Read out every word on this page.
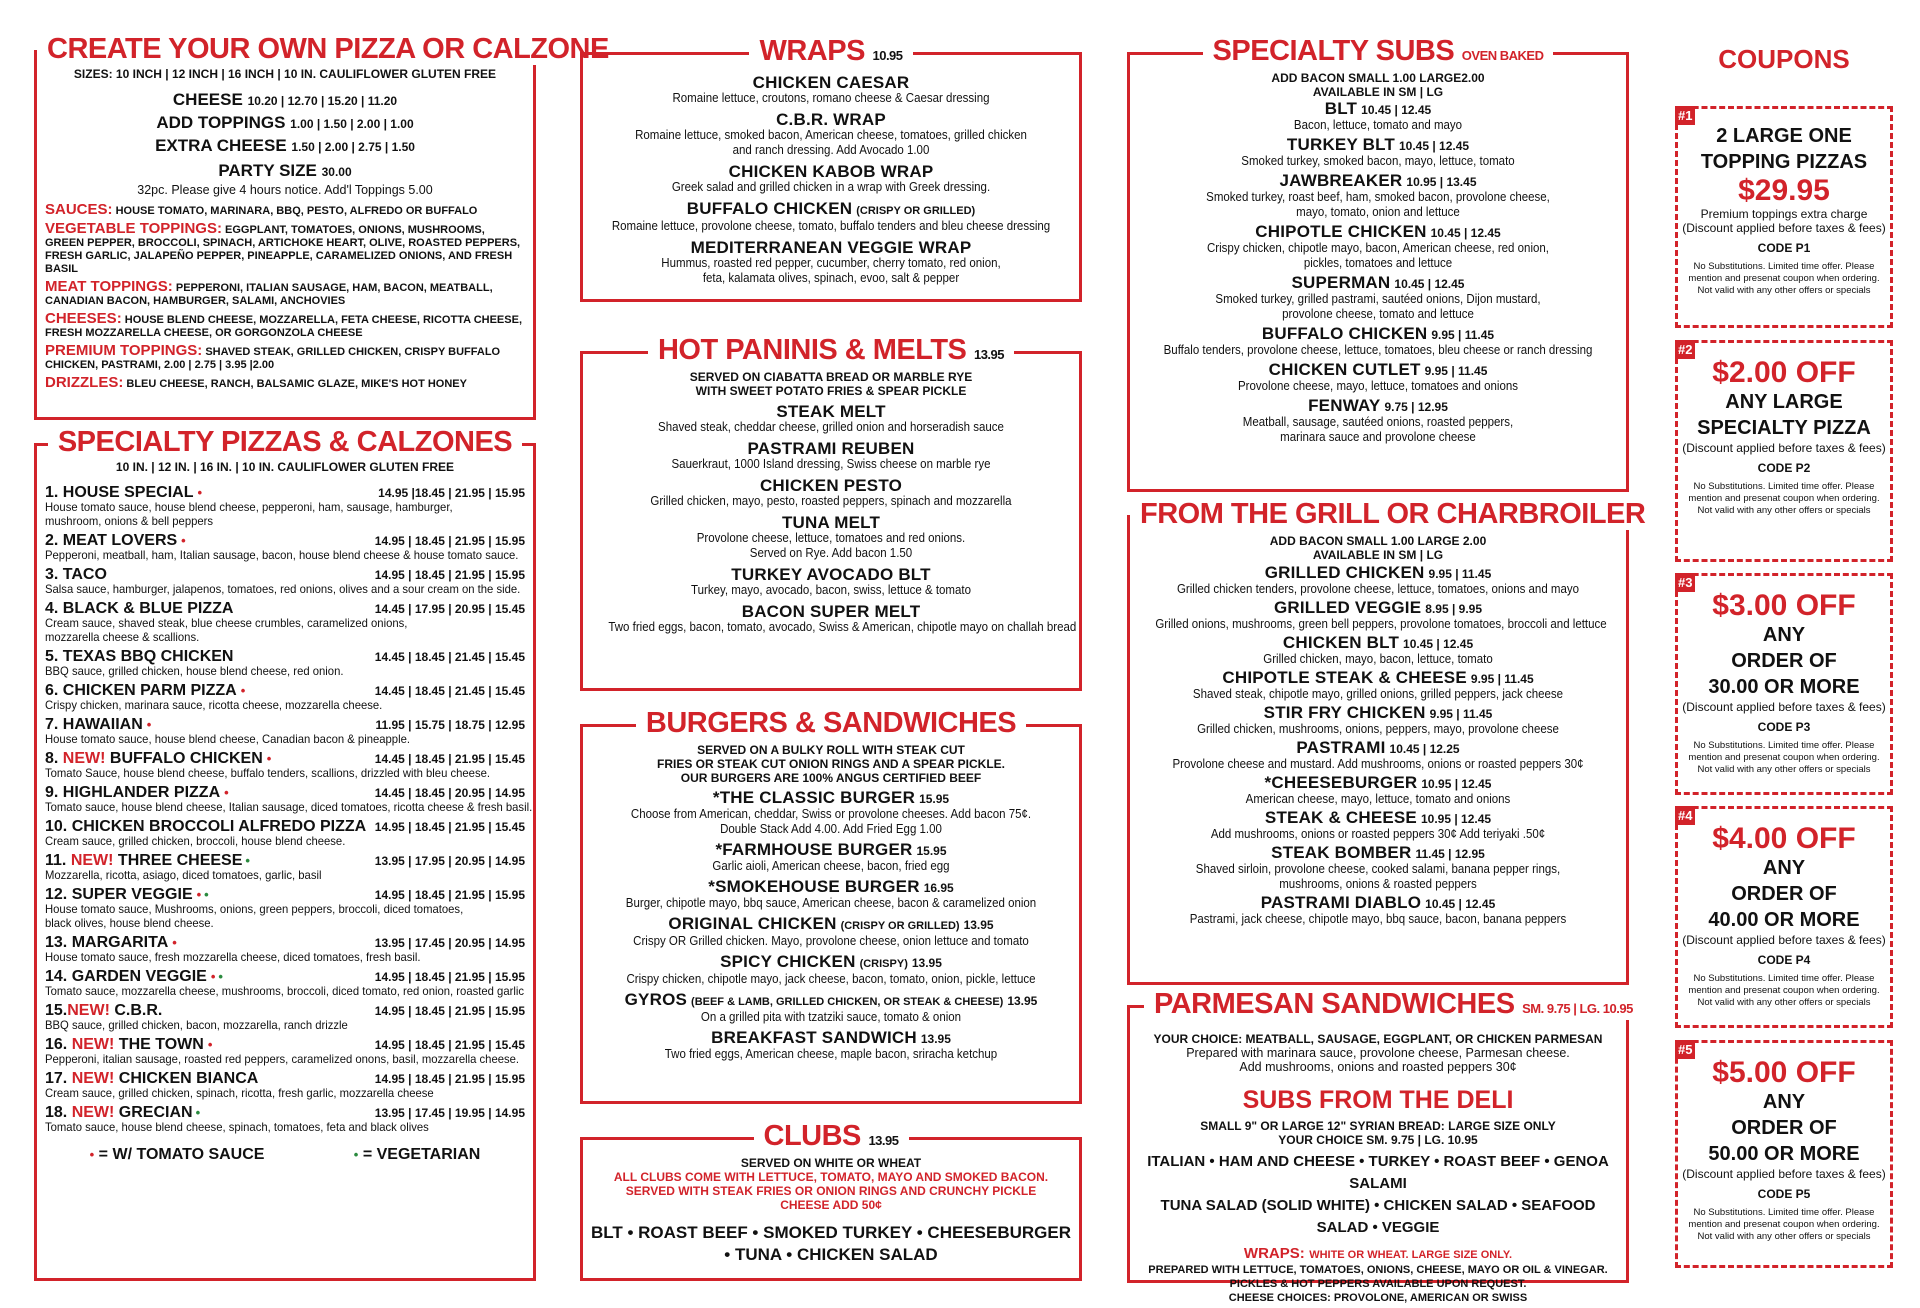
CREATE YOUR OWN PIZZA OR CALZONE
SIZES: 10 INCH | 12 INCH | 16 INCH | 10 IN. CAULIFLOWER GLUTEN FREE
CHEESE 10.20 | 12.70 | 15.20 | 11.20
ADD TOPPINGS 1.00 | 1.50 | 2.00 | 1.00
EXTRA CHEESE 1.50 | 2.00 | 2.75 | 1.50
PARTY SIZE 30.00
32pc. Please give 4 hours notice. Add'l Toppings 5.00
SAUCES: HOUSE TOMATO, MARINARA, BBQ, PESTO, ALFREDO OR BUFFALO
VEGETABLE TOPPINGS: EGGPLANT, TOMATOES, ONIONS, MUSHROOMS, GREEN PEPPER, BROCCOLI, SPINACH, ARTICHOKE HEART, OLIVE, ROASTED PEPPERS, FRESH GARLIC, JALAPEÑO PEPPER, PINEAPPLE, CARAMELIZED ONIONS, AND FRESH BASIL
MEAT TOPPINGS: PEPPERONI, ITALIAN SAUSAGE, HAM, BACON, MEATBALL, CANADIAN BACON, HAMBURGER, SALAMI, ANCHOVIES
CHEESES: HOUSE BLEND CHEESE, MOZZARELLA, FETA CHEESE, RICOTTA CHEESE, FRESH MOZZARELLA CHEESE, OR GORGONZOLA CHEESE
PREMIUM TOPPINGS: SHAVED STEAK, GRILLED CHICKEN, CRISPY BUFFALO CHICKEN, PASTRAMI, 2.00 | 2.75 | 3.95 |2.00
DRIZZLES: BLEU CHEESE, RANCH, BALSAMIC GLAZE, MIKE'S HOT HONEY
SPECIALTY PIZZAS & CALZONES
10 IN. | 12 IN. | 16 IN. | 10 IN. CAULIFLOWER GLUTEN FREE
1. HOUSE SPECIAL •	14.95 |18.45 | 21.95 | 15.95
House tomato sauce, house blend cheese, pepperoni, ham, sausage, hamburger,
mushroom, onions & bell peppers
2. MEAT LOVERS •	14.95 | 18.45 | 21.95 | 15.95
Pepperoni, meatball, ham, Italian sausage, bacon, house blend cheese & house tomato sauce.
3. TACO	14.95 | 18.45 | 21.95 | 15.95
Salsa sauce, hamburger, jalapenos, tomatoes, red onions, olives and a sour cream on the side.
4. BLACK & BLUE PIZZA	14.45 | 17.95 | 20.95 | 15.45
Cream sauce, shaved steak, blue cheese crumbles, caramelized onions,
mozzarella cheese & scallions.
5. TEXAS BBQ CHICKEN	14.45 | 18.45 | 21.45 | 15.45
BBQ sauce, grilled chicken, house blend cheese, red onion.
6. CHICKEN PARM PIZZA •	14.45 | 18.45 | 21.45 | 15.45
Crispy chicken, marinara sauce, ricotta cheese, mozzarella cheese.
7. HAWAIIAN •	11.95 | 15.75 | 18.75 | 12.95
House tomato sauce, house blend cheese, Canadian bacon & pineapple.
8. NEW! BUFFALO CHICKEN •	14.45 | 18.45 | 21.95 | 15.45
Tomato Sauce, house blend cheese, buffalo tenders, scallions, drizzled with bleu cheese.
9. HIGHLANDER PIZZA •	14.45 | 18.45 | 20.95 | 14.95
Tomato sauce, house blend cheese, Italian sausage, diced tomatoes, ricotta cheese & fresh basil.
10. CHICKEN BROCCOLI ALFREDO PIZZA 14.95 | 18.45 | 21.95 | 15.45
Cream sauce, grilled chicken, broccoli, house blend cheese.
11. NEW! THREE CHEESE •	13.95 | 17.95 | 20.95 | 14.95
Mozzarella, ricotta, asiago, diced tomatoes, garlic, basil
12. SUPER VEGGIE • •	14.95 | 18.45 | 21.95 | 15.95
House tomato sauce, Mushrooms, onions, green peppers, broccoli, diced tomatoes,
black olives, house blend cheese.
13. MARGARITA •	13.95 | 17.45 | 20.95 | 14.95
House tomato sauce, fresh mozzarella cheese, diced tomatoes, fresh basil.
14. GARDEN VEGGIE • •	14.95 | 18.45 | 21.95 | 15.95
Tomato sauce, mozzarella cheese, mushrooms, broccoli, diced tomato, red onion, roasted garlic
15.NEW! C.B.R.	14.95 | 18.45 | 21.95 | 15.95
BBQ sauce, grilled chicken, bacon, mozzarella, ranch drizzle
16. NEW! THE TOWN •	14.95 | 18.45 | 21.95 | 15.45
Pepperoni, italian sausage, roasted red peppers, caramelized onons, basil, mozzarella cheese.
17. NEW! CHICKEN BIANCA	14.95 | 18.45 | 21.95 | 15.95
Cream sauce, grilled chicken, spinach, ricotta, fresh garlic, mozzarella cheese
18. NEW! GRECIAN •	13.95 | 17.45 | 19.95 | 14.95
Tomato sauce, house blend cheese, spinach, tomatoes, feta and black olives
• = W/ TOMATO SAUCE	• = VEGETARIAN
WRAPS 10.95
CHICKEN CAESAR
Romaine lettuce, croutons, romano cheese & Caesar dressing
C.B.R. WRAP
Romaine lettuce, smoked bacon, American cheese, tomatoes, grilled chicken
and ranch dressing. Add Avocado 1.00
CHICKEN KABOB WRAP
Greek salad and grilled chicken in a wrap with Greek dressing.
BUFFALO CHICKEN (CRISPY OR GRILLED)
Romaine lettuce, provolone cheese, tomato, buffalo tenders and bleu cheese dressing
MEDITERRANEAN VEGGIE WRAP
Hummus, roasted red pepper, cucumber, cherry tomato, red onion,
feta, kalamata olives, spinach, evoo, salt & pepper
HOT PANINIS & MELTS 13.95
SERVED ON CIABATTA BREAD OR MARBLE RYE
WITH SWEET POTATO FRIES & SPEAR PICKLE
STEAK MELT
Shaved steak, cheddar cheese, grilled onion and horseradish sauce
PASTRAMI REUBEN
Sauerkraut, 1000 Island dressing, Swiss cheese on marble rye
CHICKEN PESTO
Grilled chicken, mayo, pesto, roasted peppers, spinach and mozzarella
TUNA MELT
Provolone cheese, lettuce, tomatoes and red onions.
Served on Rye. Add bacon 1.50
TURKEY AVOCADO BLT
Turkey, mayo, avocado, bacon, swiss, lettuce & tomato
BACON SUPER MELT
Two fried eggs, bacon, tomato, avocado, Swiss & American, chipotle mayo on challah bread
BURGERS & SANDWICHES
SERVED ON A BULKY ROLL WITH STEAK CUT
FRIES OR STEAK CUT ONION RINGS AND A SPEAR PICKLE.
OUR BURGERS ARE 100% ANGUS CERTIFIED BEEF
*THE CLASSIC BURGER 15.95
Choose from American, cheddar, Swiss or provolone cheeses. Add bacon 75¢.
Double Stack Add 4.00. Add Fried Egg 1.00
*FARMHOUSE BURGER 15.95
Garlic aioli, American cheese, bacon, fried egg
*SMOKEHOUSE BURGER 16.95
Burger, chipotle mayo, bbq sauce, American cheese, bacon & caramelized onion
ORIGINAL CHICKEN (CRISPY OR GRILLED) 13.95
Crispy OR Grilled chicken. Mayo, provolone cheese, onion lettuce and tomato
SPICY CHICKEN (CRISPY) 13.95
Crispy chicken, chipotle mayo, jack cheese, bacon, tomato, onion, pickle, lettuce
GYROS (BEEF & LAMB, GRILLED CHICKEN, OR STEAK & CHEESE) 13.95
On a grilled pita with tzatziki sauce, tomato & onion
BREAKFAST SANDWICH 13.95
Two fried eggs, American cheese, maple bacon, sriracha ketchup
CLUBS 13.95
SERVED ON WHITE OR WHEAT
ALL CLUBS COME WITH LETTUCE, TOMATO, MAYO AND SMOKED BACON.
SERVED WITH STEAK FRIES OR ONION RINGS AND CRUNCHY PICKLE
CHEESE ADD 50¢
BLT • ROAST BEEF • SMOKED TURKEY • CHEESEBURGER
• TUNA • CHICKEN SALAD
SPECIALTY SUBS OVEN BAKED
ADD BACON SMALL 1.00 LARGE2.00
AVAILABLE IN SM | LG
BLT 10.45 | 12.45
Bacon, lettuce, tomato and mayo
TURKEY BLT 10.45 | 12.45
Smoked turkey, smoked bacon, mayo, lettuce, tomato
JAWBREAKER 10.95 | 13.45
Smoked turkey, roast beef, ham, smoked bacon, provolone cheese,
mayo, tomato, onion and lettuce
CHIPOTLE CHICKEN 10.45 | 12.45
Crispy chicken, chipotle mayo, bacon, American cheese, red onion,
pickles, tomatoes and lettuce
SUPERMAN 10.45 | 12.45
Smoked turkey, grilled pastrami, sautéed onions, Dijon mustard,
provolone cheese, tomato and lettuce
BUFFALO CHICKEN 9.95 | 11.45
Buffalo tenders, provolone cheese, lettuce, tomatoes, bleu cheese or ranch dressing
CHICKEN CUTLET 9.95 | 11.45
Provolone cheese, mayo, lettuce, tomatoes and onions
FENWAY 9.75 | 12.95
Meatball, sausage, sautéed onions, roasted peppers,
marinara sauce and provolone cheese
FROM THE GRILL OR CHARBROILER
ADD BACON SMALL 1.00 LARGE 2.00
AVAILABLE IN SM | LG
GRILLED CHICKEN 9.95 | 11.45
Grilled chicken tenders, provolone cheese, lettuce, tomatoes, onions and mayo
GRILLED VEGGIE 8.95 | 9.95
Grilled onions, mushrooms, green bell peppers, provolone tomatoes, broccoli and lettuce
CHICKEN BLT 10.45 | 12.45
Grilled chicken, mayo, bacon, lettuce, tomato
CHIPOTLE STEAK & CHEESE 9.95 | 11.45
Shaved steak, chipotle mayo, grilled onions, grilled peppers, jack cheese
STIR FRY CHICKEN 9.95 | 11.45
Grilled chicken, mushrooms, onions, peppers, mayo, provolone cheese
PASTRAMI 10.45 | 12.25
Provolone cheese and mustard. Add mushrooms, onions or roasted peppers 30¢
*CHEESEBURGER 10.95 | 12.45
American cheese, mayo, lettuce, tomato and onions
STEAK & CHEESE 10.95 | 12.45
Add mushrooms, onions or roasted peppers 30¢ Add teriyaki .50¢
STEAK BOMBER 11.45 | 12.95
Shaved sirloin, provolone cheese, cooked salami, banana pepper rings,
mushrooms, onions & roasted peppers
PASTRAMI DIABLO 10.45 | 12.45
Pastrami, jack cheese, chipotle mayo, bbq sauce, bacon, banana peppers
PARMESAN SANDWICHES SM. 9.75 | LG. 10.95
YOUR CHOICE: MEATBALL, SAUSAGE, EGGPLANT, OR CHICKEN PARMESAN
Prepared with marinara sauce, provolone cheese, Parmesan cheese.
Add mushrooms, onions and roasted peppers 30¢
SUBS FROM THE DELI
SMALL 9" OR LARGE 12" SYRIAN BREAD: LARGE SIZE ONLY
YOUR CHOICE SM. 9.75 | LG. 10.95
ITALIAN • HAM AND CHEESE • TURKEY • ROAST BEEF • GENOA SALAMI
TUNA SALAD (SOLID WHITE) • CHICKEN SALAD • SEAFOOD SALAD • VEGGIE
WRAPS: WHITE OR WHEAT. LARGE SIZE ONLY.
PREPARED WITH LETTUCE, TOMATOES, ONIONS, CHEESE, MAYO OR OIL & VINEGAR.
PICKLES & HOT PEPPERS AVAILABLE UPON REQUEST.
CHEESE CHOICES: PROVOLONE, AMERICAN OR SWISS
COUPONS
#1
2 LARGE ONE
TOPPING PIZZAS
$29.95
Premium toppings extra charge
(Discount applied before taxes & fees)
CODE P1
No Substitutions. Limited time offer. Please
mention and presenat coupon when ordering.
Not valid with any other offers or specials
#2
$2.00 OFF
ANY LARGE
SPECIALTY PIZZA
(Discount applied before taxes & fees)
CODE P2
No Substitutions. Limited time offer. Please
mention and presenat coupon when ordering.
Not valid with any other offers or specials
#3
$3.00 OFF
ANY
ORDER OF
30.00 OR MORE
(Discount applied before taxes & fees)
CODE P3
No Substitutions. Limited time offer. Please
mention and presenat coupon when ordering.
Not valid with any other offers or specials
#4
$4.00 OFF
ANY
ORDER OF
40.00 OR MORE
(Discount applied before taxes & fees)
CODE P4
No Substitutions. Limited time offer. Please
mention and presenat coupon when ordering.
Not valid with any other offers or specials
#5
$5.00 OFF
ANY
ORDER OF
50.00 OR MORE
(Discount applied before taxes & fees)
CODE P5
No Substitutions. Limited time offer. Please
mention and presenat coupon when ordering.
Not valid with any other offers or specials
